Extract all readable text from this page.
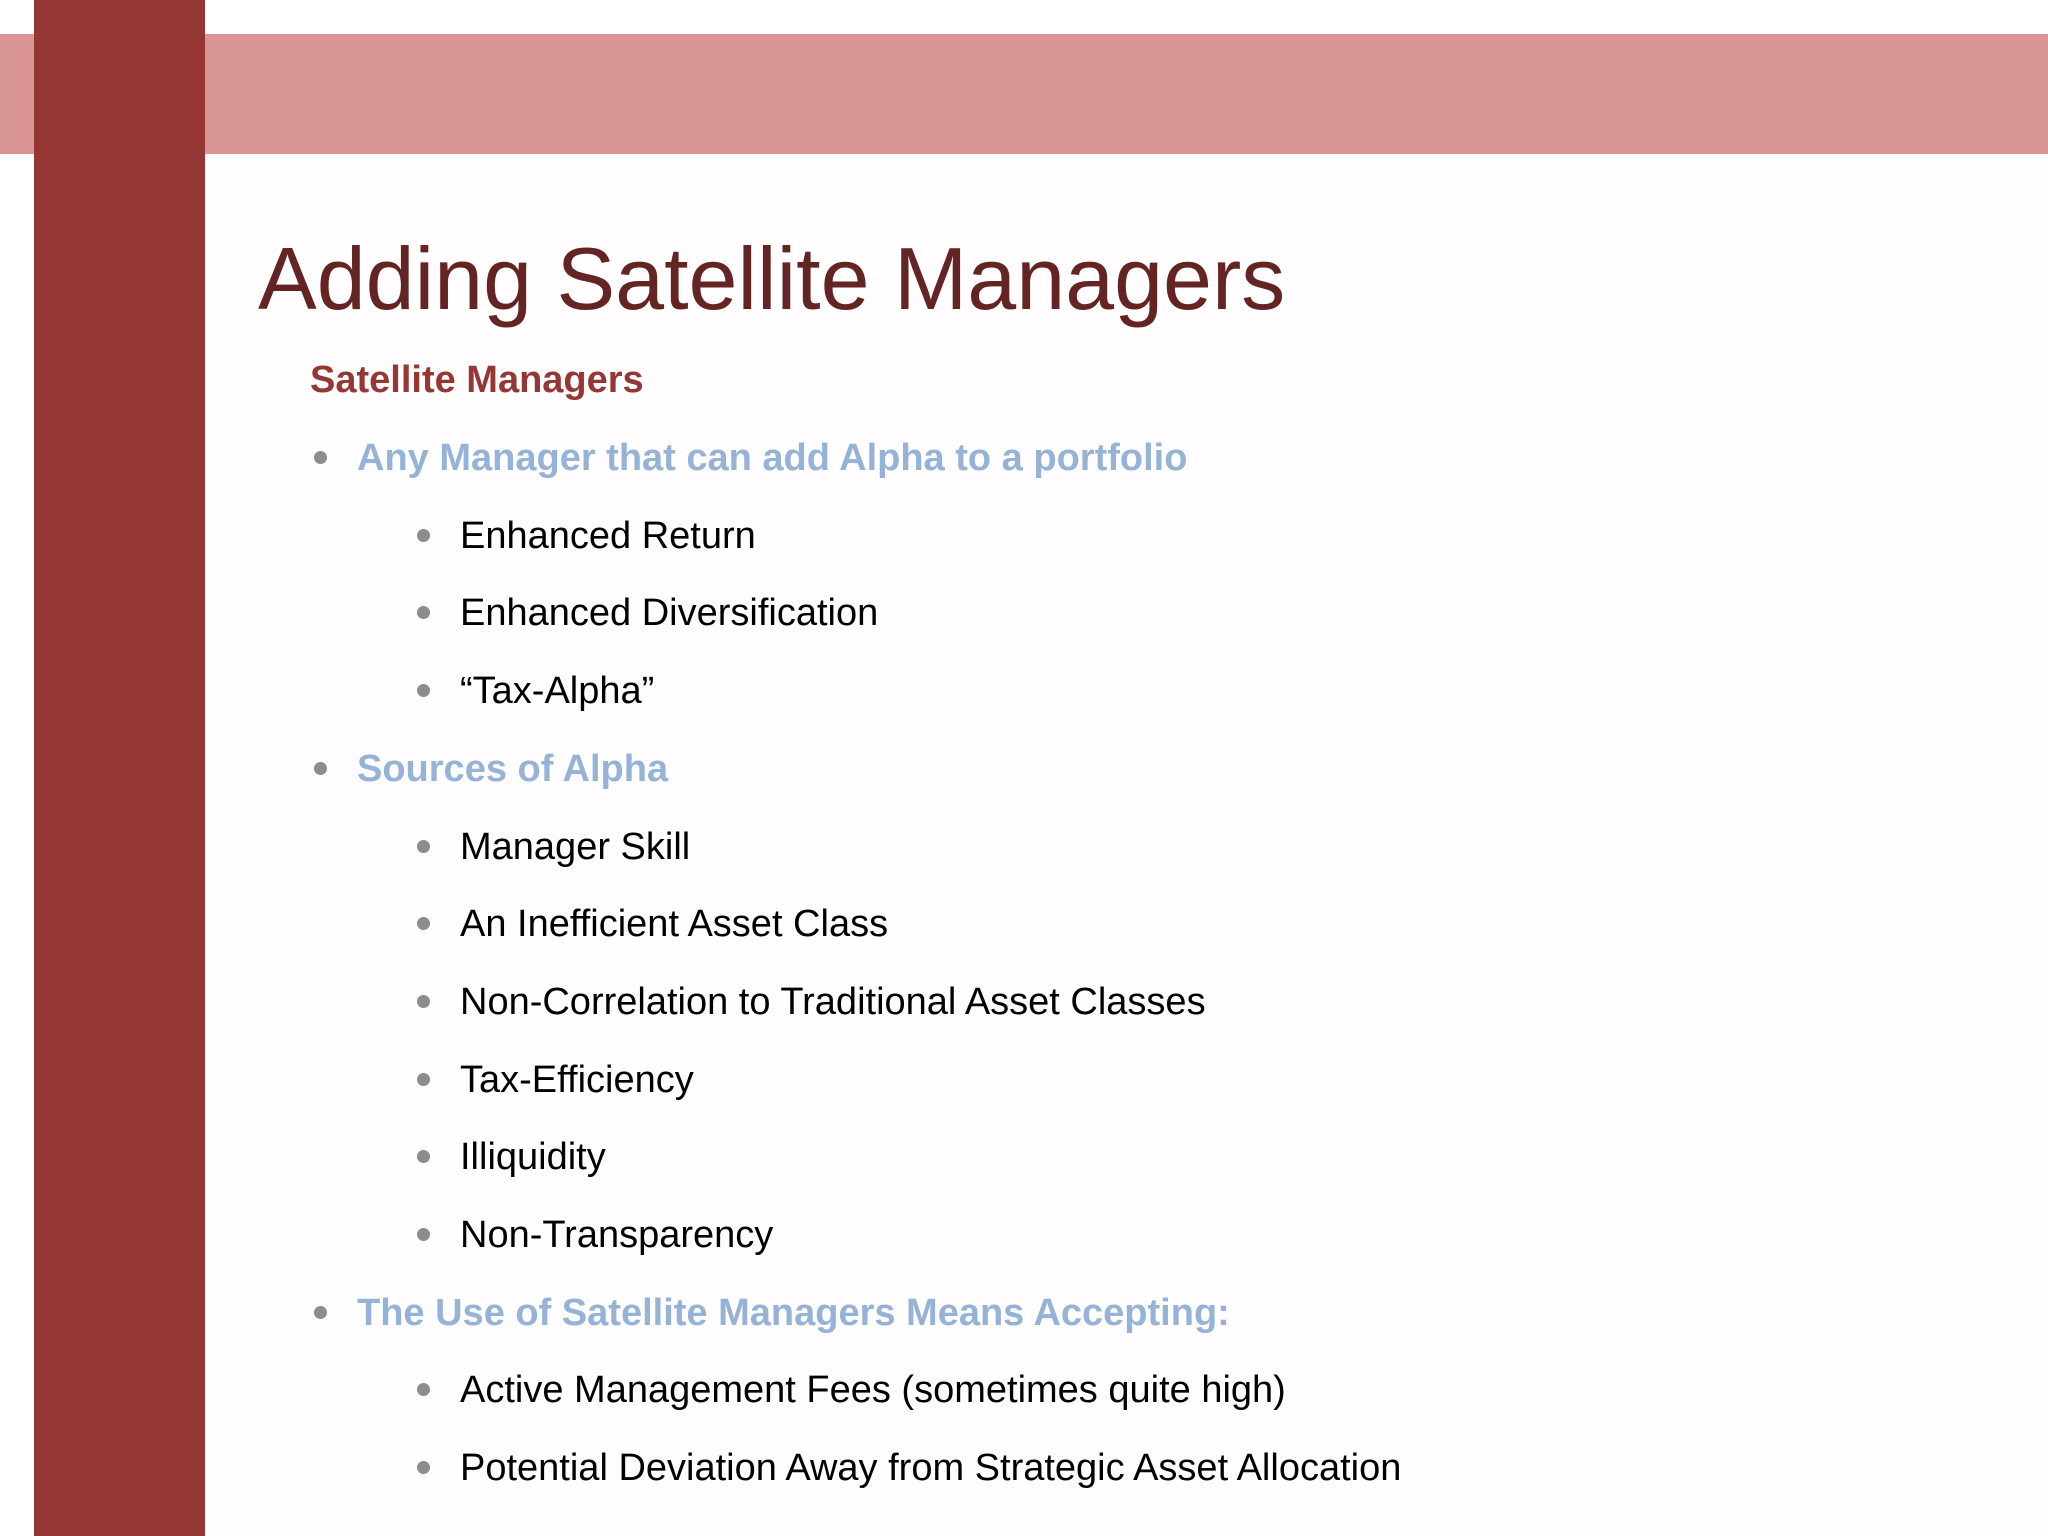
Adding Satellite Managers
Satellite Managers
Any Manager that can add Alpha to a portfolio
Enhanced Return
Enhanced Diversification
“Tax-Alpha”
Sources of Alpha
Manager Skill
An Inefficient Asset Class
Non-Correlation to Traditional Asset Classes
Tax-Efficiency
Illiquidity
Non-Transparency
The Use of Satellite Managers Means Accepting:
Active Management Fees (sometimes quite high)
Potential Deviation Away from Strategic Asset Allocation
